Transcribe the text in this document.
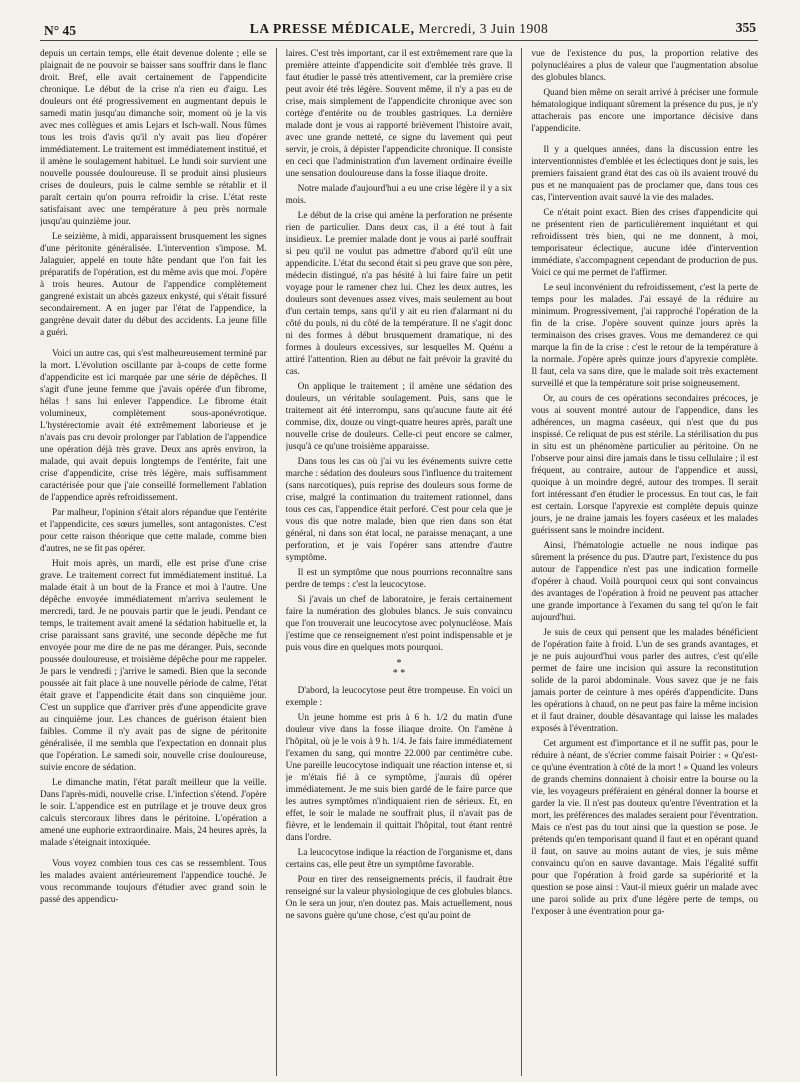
N° 45	LA PRESSE MÉDICALE, Mercredi, 3 Juin 1908	355

depuis un certain temps, elle était devenue dolente ; elle se plaignait de ne pouvoir se baisser sans souffrir dans le flanc droit. Bref, elle avait certainement de l'appendicite chronique. Le début de la crise n'a rien eu d'aigu. Les douleurs ont été progressivement en augmentant depuis le samedi matin jusqu'au dimanche soir, moment où je la vis avec mes collègues et amis Lejars et Isch-wall. Nous fûmes tous les trois d'avis qu'il n'y avait pas lieu d'opérer immédiatement. Le traitement est immédiatement institué, et il amène le soulagement habituel. Le lundi soir survient une nouvelle poussée douloureuse. Il se produit ainsi plusieurs crises de douleurs, puis le calme semble se rétablir et il paraît certain qu'on pourra refroidir la crise. L'état reste satisfaisant avec une température à peu près normale jusqu'au quinzième jour.

Le seizième, à midi, apparaissent brusquement les signes d'une péritonite généralisée. L'intervention s'impose. M. Jalaguier, appelé en toute hâte pendant que l'on fait les préparatifs de l'opération, est du même avis que moi. J'opère à trois heures. Autour de l'appendice complètement gangrené existait un abcès gazeux enkysté, qui s'était fissuré secondairement. A en juger par l'état de l'appendice, la gangrène devait dater du début des accidents. La jeune fille a guéri.

Voici un autre cas, qui s'est malheureusement terminé par la mort. L'évolution oscillante par à-coups de cette forme d'appendicite est ici marquée par une série de dépêches. Il s'agit d'une jeune femme que j'avais opérée d'un fibrome, hélas ! sans lui enlever l'appendice. Le fibrome était volumineux, complètement sous-aponévrotique. L'hystérectomie avait été extrêmement laborieuse et je n'avais pas cru devoir prolonger par l'ablation de l'appendice une opération déjà très grave. Deux ans après environ, la malade, qui avait depuis longtemps de l'entérite, fait une crise d'appendicite, crise très légère, mais suffisamment caractérisée pour que j'aie conseillé formellement l'ablation de l'appendice après refroidissement.

Par malheur, l'opinion s'était alors répandue que l'entérite et l'appendicite, ces sœurs jumelles, sont antagonistes. C'est pour cette raison théorique que cette malade, comme bien d'autres, ne se fit pas opérer.

Huit mois après, un mardi, elle est prise d'une crise grave. Le traitement correct fut immédiatement institué. La malade était à un bout de la France et moi à l'autre. Une dépêche envoyée immédiatement m'arriva seulement le mercredi, tard. Je ne pouvais partir que le jeudi. Pendant ce temps, le traitement avait amené la sédation habituelle et, la crise paraissant sans gravité, une seconde dépêche me fut envoyée pour me dire de ne pas me déranger. Puis, seconde poussée douloureuse, et troisième dépêche pour me rappeler. Je pars le vendredi ; j'arrive le samedi. Bien que la seconde poussée ait fait place à une nouvelle période de calme, l'état était grave et l'appendicite était dans son cinquième jour. C'est un supplice que d'arriver près d'une appendicite grave au cinquième jour. Les chances de guérison étaient bien faibles. Comme il n'y avait pas de signe de péritonite généralisée, il me sembla que l'expectation en donnait plus que l'opération. Le samedi soir, nouvelle crise douloureuse, suivie encore de sédation.

Le dimanche matin, l'état paraît meilleur que la veille. Dans l'après-midi, nouvelle crise. L'infection s'étend. J'opère le soir. L'appendice est en putrilage et je trouve deux gros calculs stercoraux libres dans le péritoine. L'opération a amené une euphorie extraordinaire. Mais, 24 heures après, la malade s'éteignait intoxiquée.

Vous voyez combien tous ces cas se ressemblent. Tous les malades avaient antérieurement l'appendice touché. Je vous recommande toujours d'étudier avec grand soin le passé des appendicu-

laires. C'est très important, car il est extrêmement rare que la première atteinte d'appendicite soit d'emblée très grave. Il faut étudier le passé très attentivement, car la première crise peut avoir été très légère. Souvent même, il n'y a pas eu de crise, mais simplement de l'appendicite chronique avec son cortège d'entérite ou de troubles gastriques. La dernière malade dont je vous ai rapporté brièvement l'histoire avait, avec une grande netteté, ce signe du lavement qui peut servir, je crois, à dépister l'appendicite chronique. Il consiste en ceci que l'administration d'un lavement ordinaire éveille une sensation douloureuse dans la fosse iliaque droite.

Notre malade d'aujourd'hui a eu une crise légère il y a six mois.

Le début de la crise qui amène la perforation ne présente rien de particulier. Dans deux cas, il a été tout à fait insidieux. Le premier malade dont je vous ai parlé souffrait si peu qu'il ne voulut pas admettre d'abord qu'il eût une appendicite. L'état du second était si peu grave que son père, médecin distingué, n'a pas hésité à lui faire faire un petit voyage pour le ramener chez lui. Chez les deux autres, les douleurs sont devenues assez vives, mais seulement au bout d'un certain temps, sans qu'il y ait eu rien d'alarmant ni du côté du pouls, ni du côté de la température. Il ne s'agit donc ni des formes à début brusquement dramatique, ni des formes à douleurs excessives, sur lesquelles M. Quénu a attiré l'attention. Rien au début ne fait prévoir la gravité du cas.

On applique le traitement ; il amène une sédation des douleurs, un véritable soulagement. Puis, sans que le traitement ait été interrompu, sans qu'aucune faute ait été commise, dix, douze ou vingt-quatre heures après, paraît une nouvelle crise de douleurs. Celle-ci peut encore se calmer, jusqu'à ce qu'une troisième apparaisse.

Dans tous les cas où j'ai vu les événements suivre cette marche : sédation des douleurs sous l'influence du traitement (sans narcotiques), puis reprise des douleurs sous forme de crise, malgré la continuation du traitement rationnel, dans tous ces cas, l'appendice était perforé. C'est pour cela que je vous dis que notre malade, bien que rien dans son état général, ni dans son état local, ne paraisse menaçant, a une perforation, et je vais l'opérer sans attendre d'autre symptôme.

Il est un symptôme que nous pourrions reconnaître sans perdre de temps : c'est la leucocytose.

Si j'avais un chef de laboratoire, je ferais certainement faire la numération des globules blancs. Je suis convaincu que l'on trouverait une leucocytose avec polynucléose. Mais j'estime que ce renseignement n'est point indispensable et je puis vous dire en quelques mots pourquoi.

*
* *

D'abord, la leucocytose peut être trompeuse. En voici un exemple :

Un jeune homme est pris à 6 h. 1/2 du matin d'une douleur vive dans la fosse iliaque droite. On l'amène à l'hôpital, où je le vois à 9 h. 1/4. Je fais faire immédiatement l'examen du sang, qui montre 22.000 par centimètre cube. Une pareille leucocytose indiquait une réaction intense et, si je m'étais fié à ce symptôme, j'aurais dû opérer immédiatement. Je me suis bien gardé de le faire parce que les autres symptômes n'indiquaient rien de sérieux. Et, en effet, le soir le malade ne souffrait plus, il n'avait pas de fièvre, et le lendemain il quittait l'hôpital, tout étant rentré dans l'ordre.

La leucocytose indique la réaction de l'organisme et, dans certains cas, elle peut être un symptôme favorable.

Pour en tirer des renseignements précis, il faudrait être renseigné sur la valeur physiologique de ces globules blancs. On le sera un jour, n'en doutez pas. Mais actuellement, nous ne savons guère qu'une chose, c'est qu'au point de

vue de l'existence du pus, la proportion relative des polynucléaires a plus de valeur que l'augmentation absolue des globules blancs.

Quand bien même on serait arrivé à préciser une formule hématologique indiquant sûrement la présence du pus, je n'y attacherais pas encore une importance décisive dans l'appendicite.

Il y a quelques années, dans la discussion entre les interventionnistes d'emblée et les éclectiques dont je suis, les premiers faisaient grand état des cas où ils avaient trouvé du pus et ne manquaient pas de proclamer que, dans tous ces cas, l'intervention avait sauvé la vie des malades.

Ce n'était point exact. Bien des crises d'appendicite qui ne présentent rien de particulièrement inquiétant et qui refroidissent très bien, qui ne me donnent, à moi, temporisateur éclectique, aucune idée d'intervention immédiate, s'accompagnent cependant de production de pus. Voici ce qui me permet de l'affirmer.

Le seul inconvénient du refroidissement, c'est la perte de temps pour les malades. J'ai essayé de la réduire au minimum. Progressivement, j'ai rapproché l'opération de la fin de la crise. J'opère souvent quinze jours après la terminaison des crises graves. Vous me demanderez ce qui marque la fin de la crise : c'est le retour de la température à la normale. J'opère après quinze jours d'apyrexie complète. Il faut, cela va sans dire, que le malade soit très exactement surveillé et que la température soit prise soigneusement.

Or, au cours de ces opérations secondaires précoces, je vous ai souvent montré autour de l'appendice, dans les adhérences, un magma caséeux, qui n'est que du pus inspissé. Ce reliquat de pus est stérile. La stérilisation du pus in situ est un phénomène particulier au péritoine. On ne l'observe pour ainsi dire jamais dans le tissu cellulaire ; il est fréquent, au contraire, autour de l'appendice et aussi, quoique à un moindre degré, autour des trompes. Il serait fort intéressant d'en étudier le processus. En tout cas, le fait est certain. Lorsque l'apyrexie est complète depuis quinze jours, je ne draine jamais les foyers caséeux et les malades guérissent sans le moindre incident.

Ainsi, l'hématologie actuelle ne nous indique pas sûrement la présence du pus. D'autre part, l'existence du pus autour de l'appendice n'est pas une indication formelle d'opérer à chaud. Voilà pourquoi ceux qui sont convaincus des avantages de l'opération à froid ne peuvent pas attacher une grande importance à l'examen du sang tel qu'on le fait aujourd'hui.

Je suis de ceux qui pensent que les malades bénéficient de l'opération faite à froid. L'un de ses grands avantages, et je ne puis aujourd'hui vous parler des autres, c'est qu'elle permet de faire une incision qui assure la reconstitution solide de la paroi abdominale. Vous savez que je ne fais jamais porter de ceinture à mes opérés d'appendicite. Dans les opérations à chaud, on ne peut pas faire la même incision et il faut drainer, double désavantage qui laisse les malades exposés à l'éventration.

Cet argument est d'importance et il ne suffit pas, pour le réduire à néant, de s'écrier comme faisait Poirier : « Qu'est-ce qu'une éventration à côté de la mort ! » Quand les voleurs de grands chemins donnaient à choisir entre la bourse ou la vie, les voyageurs préféraient en général donner la bourse et garder la vie. Il n'est pas douteux qu'entre l'éventration et la mort, les préférences des malades seraient pour l'éventration. Mais ce n'est pas du tout ainsi que la question se pose. Je prétends qu'en temporisant quand il faut et en opérant quand il faut, on sauve au moins autant de vies, je suis même convaincu qu'on en sauve davantage. Mais l'égalité suffit pour que l'opération à froid garde sa supériorité et la question se pose ainsi : Vaut-il mieux guérir un malade avec une paroi solide au prix d'une légère perte de temps, ou l'exposer à une éventration pour ga-
